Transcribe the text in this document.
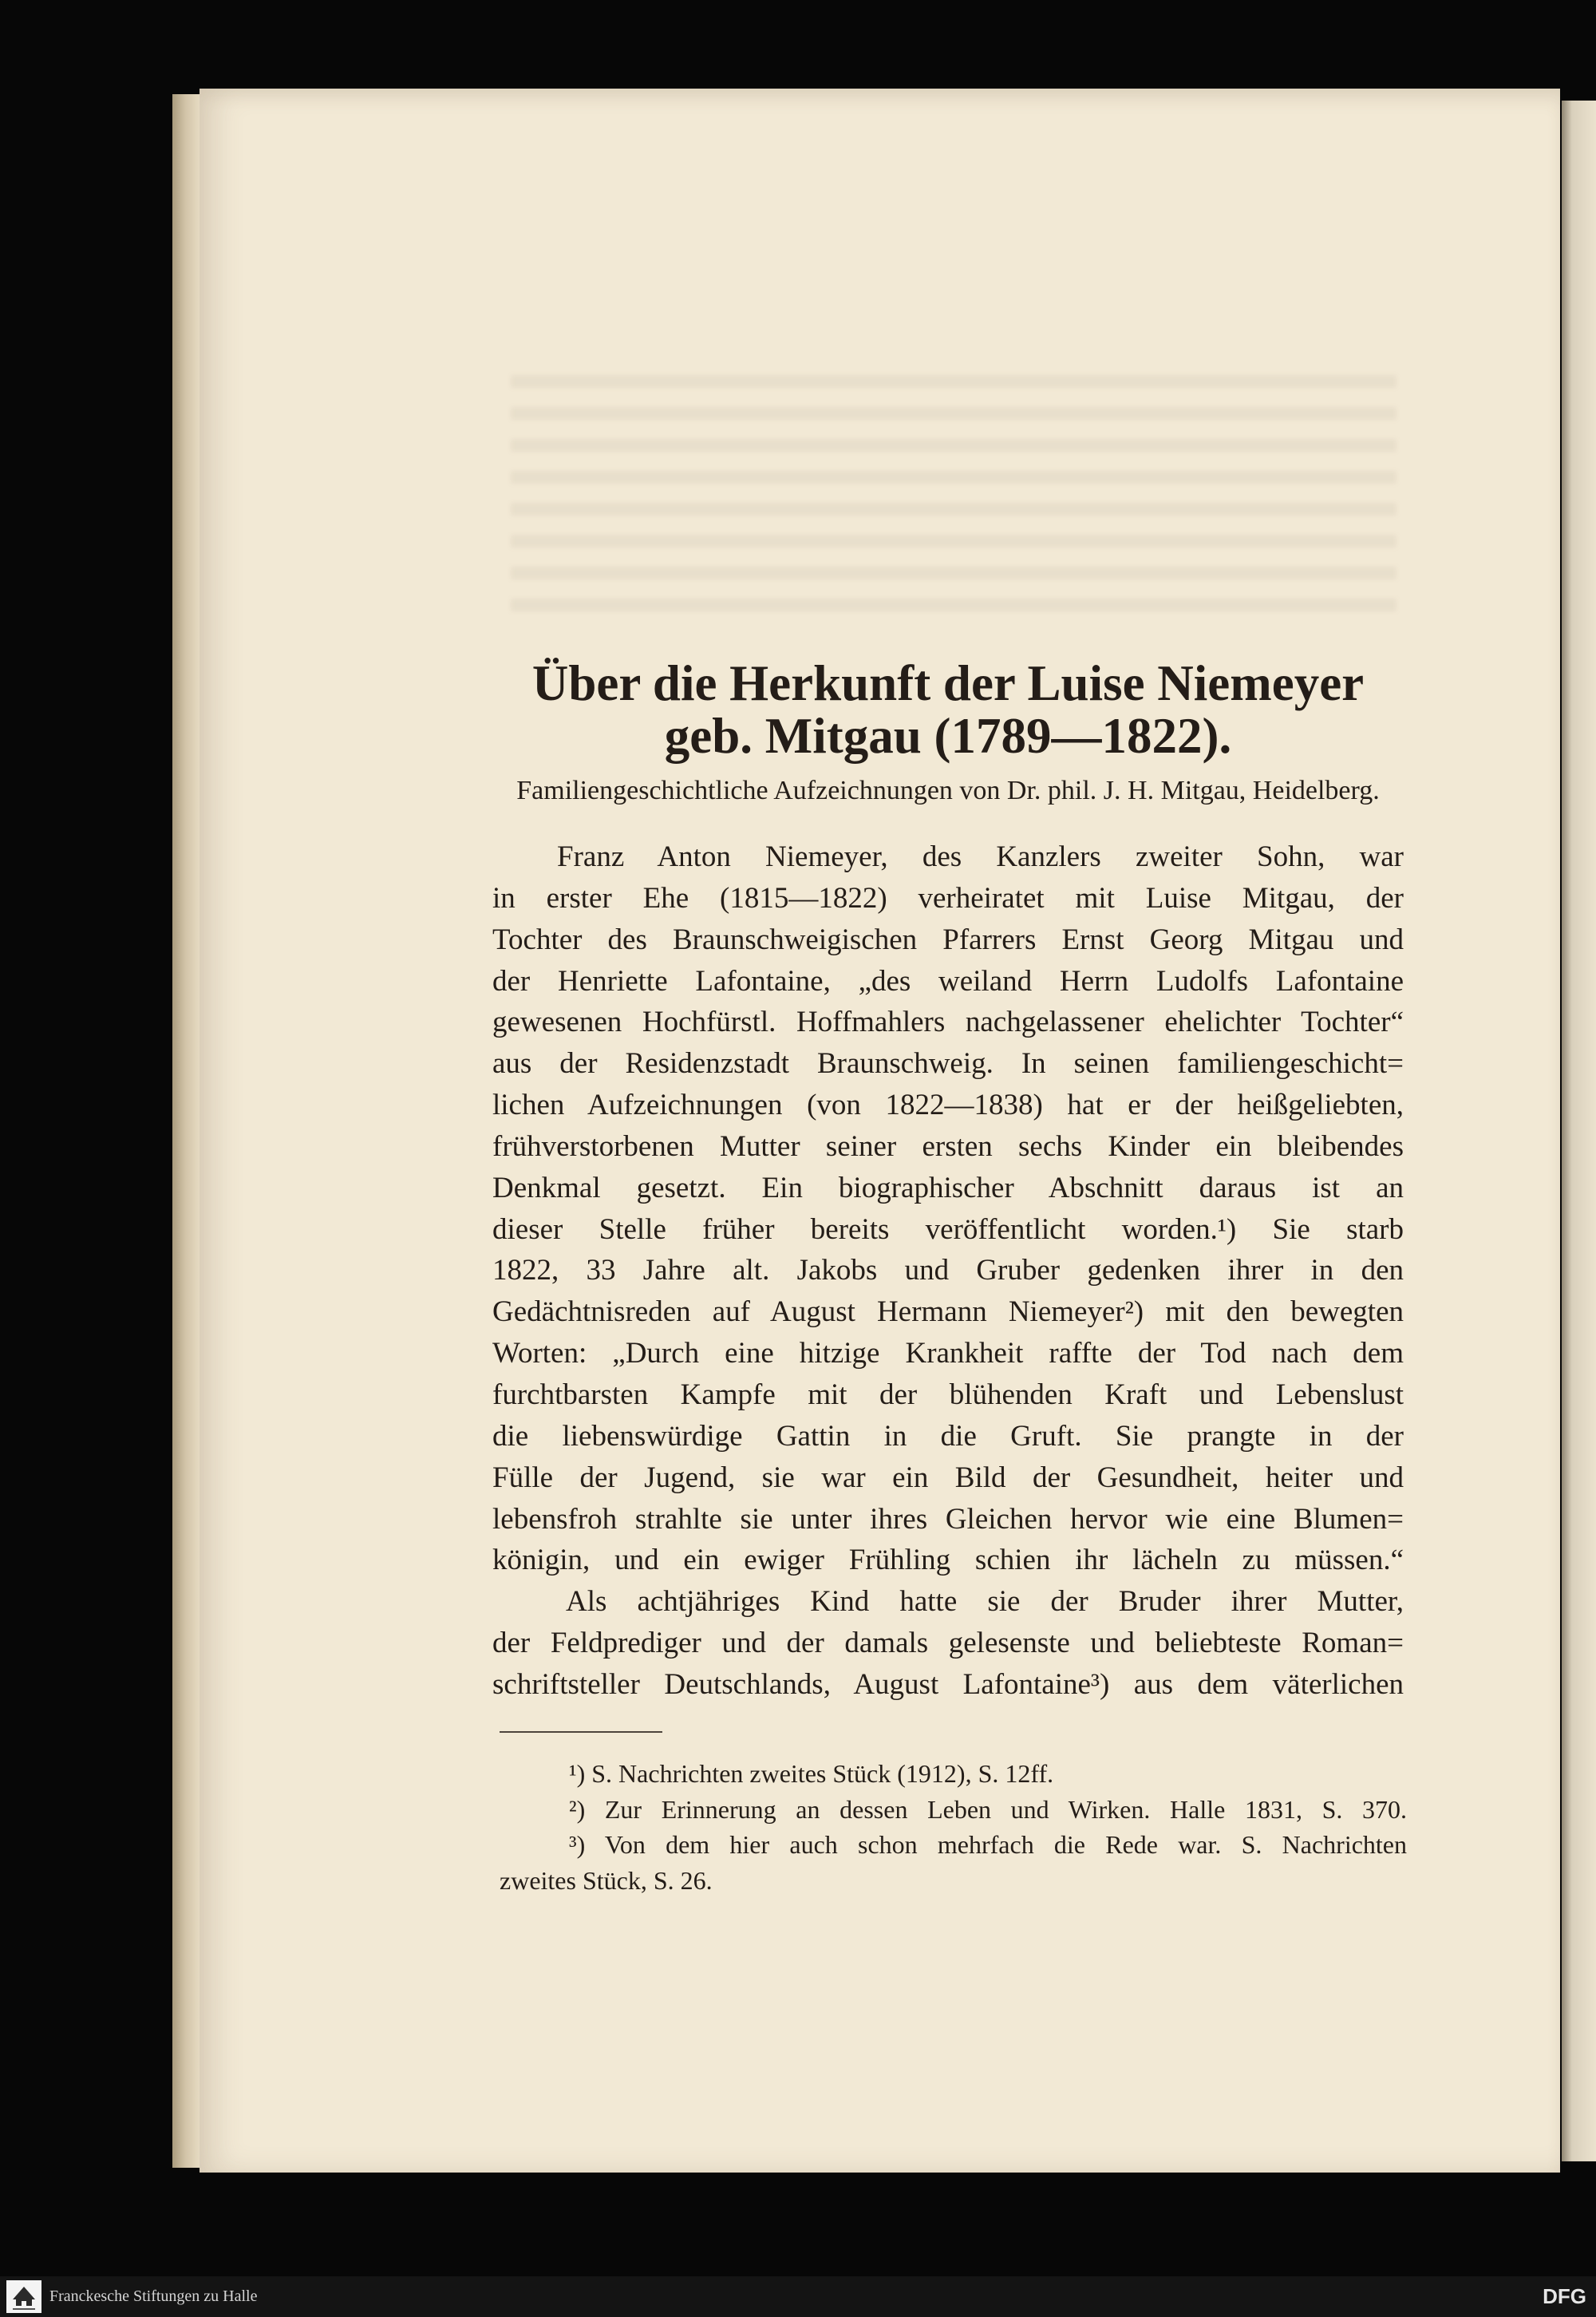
Über die Herkunft der Luise Niemeyer
geb. Mitgau (1789—1822).
Familiengeschichtliche Aufzeichnungen von Dr. phil. J. H. Mitgau, Heidelberg.
Franz Anton Niemeyer, des Kanzlers zweiter Sohn, war
in erster Ehe (1815—1822) verheiratet mit Luise Mitgau, der
Tochter des Braunschweigischen Pfarrers Ernst Georg Mitgau und
der Henriette Lafontaine, „des weiland Herrn Ludolfs Lafontaine
gewesenen Hochfürstl. Hoffmahlers nachgelassener ehelichter Tochter“
aus der Residenzstadt Braunschweig. In seinen familiengeschicht=
lichen Aufzeichnungen (von 1822—1838) hat er der heißgeliebten,
frühverstorbenen Mutter seiner ersten sechs Kinder ein bleibendes
Denkmal gesetzt. Ein biographischer Abschnitt daraus ist an
dieser Stelle früher bereits veröffentlicht worden.¹) Sie starb
1822, 33 Jahre alt. Jakobs und Gruber gedenken ihrer in den
Gedächtnisreden auf August Hermann Niemeyer²) mit den bewegten
Worten: „Durch eine hitzige Krankheit raffte der Tod nach dem
furchtbarsten Kampfe mit der blühenden Kraft und Lebenslust
die liebenswürdige Gattin in die Gruft. Sie prangte in der
Fülle der Jugend, sie war ein Bild der Gesundheit, heiter und
lebensfroh strahlte sie unter ihres Gleichen hervor wie eine Blumen=
königin, und ein ewiger Frühling schien ihr lächeln zu müssen.“
Als achtjähriges Kind hatte sie der Bruder ihrer Mutter,
der Feldprediger und der damals gelesenste und beliebteste Roman=
schriftsteller Deutschlands, August Lafontaine³) aus dem väterlichen
¹) S. Nachrichten zweites Stück (1912), S. 12ff.
²) Zur Erinnerung an dessen Leben und Wirken. Halle 1831, S. 370.
³) Von dem hier auch schon mehrfach die Rede war. S. Nachrichten
zweites Stück, S. 26.
Franckesche Stiftungen zu Halle	DFG
